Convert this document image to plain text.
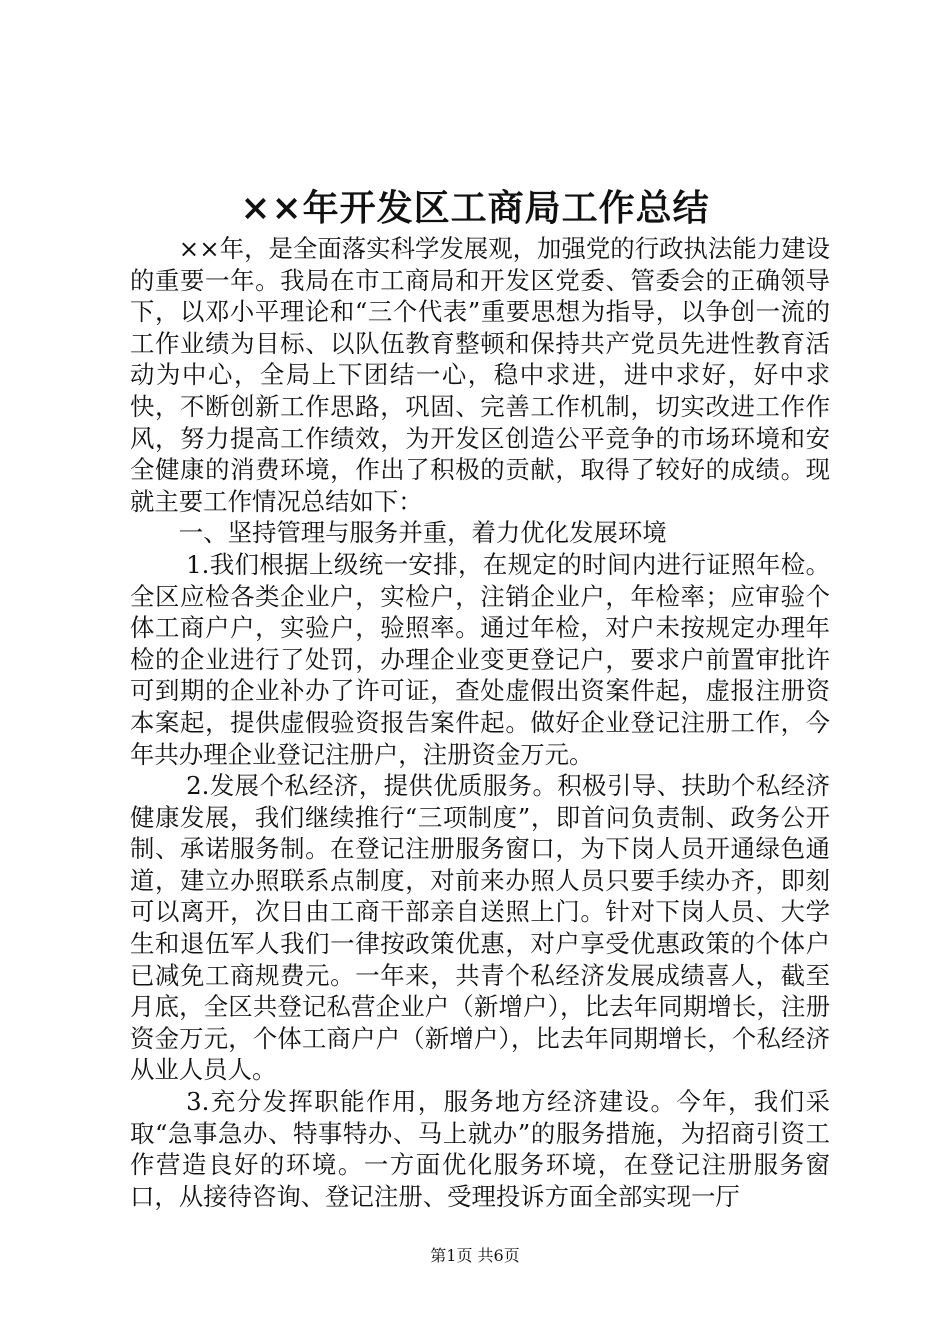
××年开发区工商局工作总结

××年，是全面落实科学发展观，加强党的行政执法能力建设的重要一年。我局在市工商局和开发区党委、管委会的正确领导下，以邓小平理论和“三个代表”重要思想为指导，以争创一流的工作业绩为目标、以队伍教育整顿和保持共产党员先进性教育活动为中心，全局上下团结一心，稳中求进，进中求好，好中求快，不断创新工作思路，巩固、完善工作机制，切实改进工作作风，努力提高工作绩效，为开发区创造公平竞争的市场环境和安全健康的消费环境，作出了积极的贡献，取得了较好的成绩。现就主要工作情况总结如下：

一、坚持管理与服务并重，着力优化发展环境

1.我们根据上级统一安排，在规定的时间内进行证照年检。全区应检各类企业户，实检户，注销企业户，年检率；应审验个体工商户户，实验户，验照率。通过年检，对户未按规定办理年检的企业进行了处罚，办理企业变更登记户，要求户前置审批许可到期的企业补办了许可证，查处虚假出资案件起，虚报注册资本案起，提供虚假验资报告案件起。做好企业登记注册工作，今年共办理企业登记注册户，注册资金万元。

2.发展个私经济，提供优质服务。积极引导、扶助个私经济健康发展，我们继续推行“三项制度”，即首问负责制、政务公开制、承诺服务制。在登记注册服务窗口，为下岗人员开通绿色通道，建立办照联系点制度，对前来办照人员只要手续办齐，即刻可以离开，次日由工商干部亲自送照上门。针对下岗人员、大学生和退伍军人我们一律按政策优惠，对户享受优惠政策的个体户已减免工商规费元。一年来，共青个私经济发展成绩喜人，截至月底，全区共登记私营企业户（新增户），比去年同期增长，注册资金万元，个体工商户户（新增户），比去年同期增长，个私经济从业人员人。

3.充分发挥职能作用，服务地方经济建设。今年，我们采取“急事急办、特事特办、马上就办”的服务措施，为招商引资工作营造良好的环境。一方面优化服务环境，在登记注册服务窗口，从接待咨询、登记注册、受理投诉方面全部实现一厅

第1页 共6页
